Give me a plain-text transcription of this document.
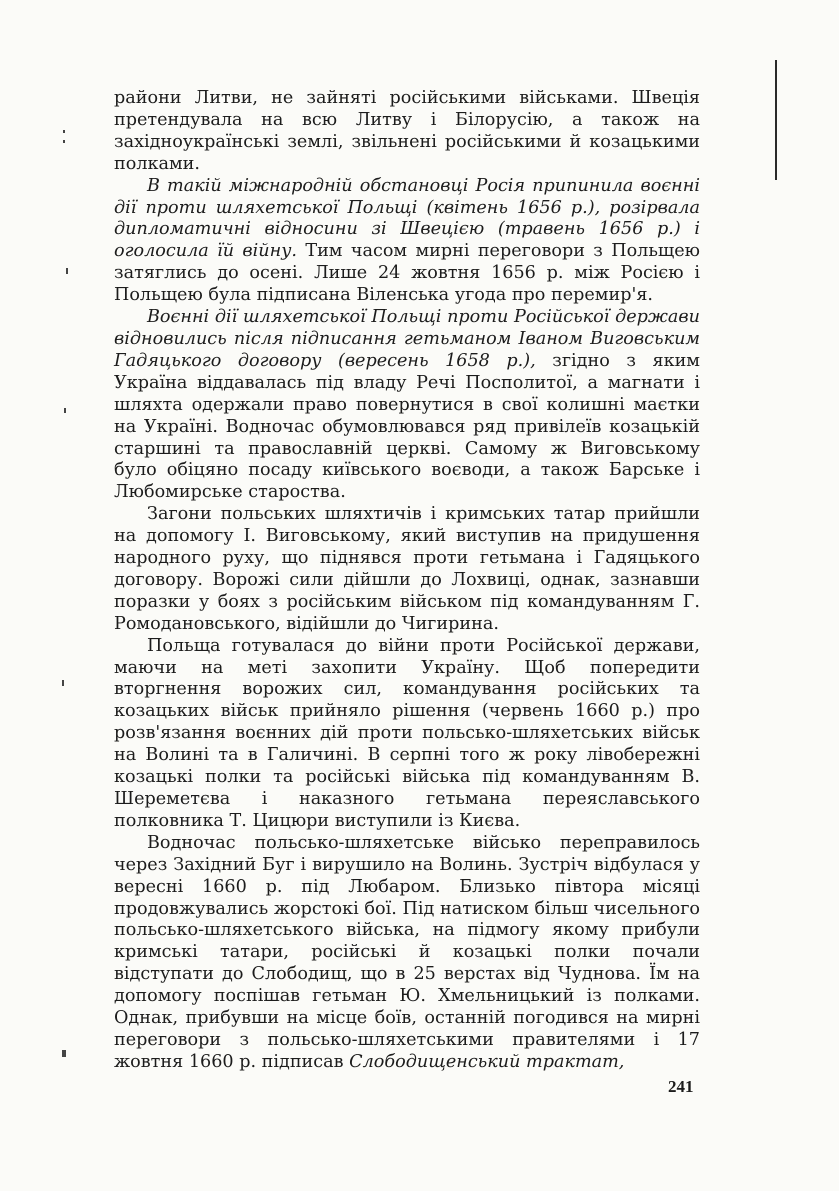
райони Литви, не зайняті російськими військами. Швеція претендувала на всю Литву і Білорусію, а також на західноукраїнські землі, звільнені російськими й козацькими полками.

В такій міжнародній обстановці Росія припинила воєнні дії проти шляхетської Польщі (квітень 1656 р.), розірвала дипломатичні відносини зі Швецією (травень 1656 р.) і оголосила їй війну. Тим часом мирні переговори з Польщею затяглись до осені. Лише 24 жовтня 1656 р. між Росією і Польщею була підписана Віленська угода про перемир'я.

Воєнні дії шляхетської Польщі проти Російської держави відновились після підписання гетьманом Іваном Виговським Гадяцького договору (вересень 1658 р.), згідно з яким Україна віддавалась під владу Речі Посполитої, а магнати і шляхта одержали право повернутися в свої колишні маєтки на Україні. Водночас обумовлювався ряд привілеїв козацькій старшині та православній церкві. Самому ж Виговському було обіцяно посаду київського воєводи, а також Барське і Любомирське староства.

Загони польських шляхтичів і кримських татар прийшли на допомогу І. Виговському, який виступив на придушення народного руху, що піднявся проти гетьмана і Гадяцького договору. Ворожі сили дійшли до Лохвиці, однак, зазнавши поразки у боях з російським військом під командуванням Г. Ромодановського, відійшли до Чигирина.

Польща готувалася до війни проти Російської держави, маючи на меті захопити Україну. Щоб попередити вторгнення ворожих сил, командування російських та козацьких військ прийняло рішення (червень 1660 р.) про розв'язання воєнних дій проти польсько-шляхетських військ на Волині та в Галичині. В серпні того ж року лівобережні козацькі полки та російські війська під командуванням В. Шереметєва і наказного гетьмана переяславського полковника Т. Цицюри виступили із Києва.

Водночас польсько-шляхетське військо переправилось через Західний Буг і вирушило на Волинь. Зустріч відбулася у вересні 1660 р. під Любаром. Близько півтора місяці продовжувались жорстокі бої. Під натиском більш чисельного польсько-шляхетського війська, на підмогу якому прибули кримські татари, російські й козацькі полки почали відступати до Слободищ, що в 25 верстах від Чуднова. Їм на допомогу поспішав гетьман Ю. Хмельницький із полками. Однак, прибувши на місце боїв, останній погодився на мирні переговори з польсько-шляхетськими правителями і 17 жовтня 1660 р. підписав Слободищенський трактат,

241
